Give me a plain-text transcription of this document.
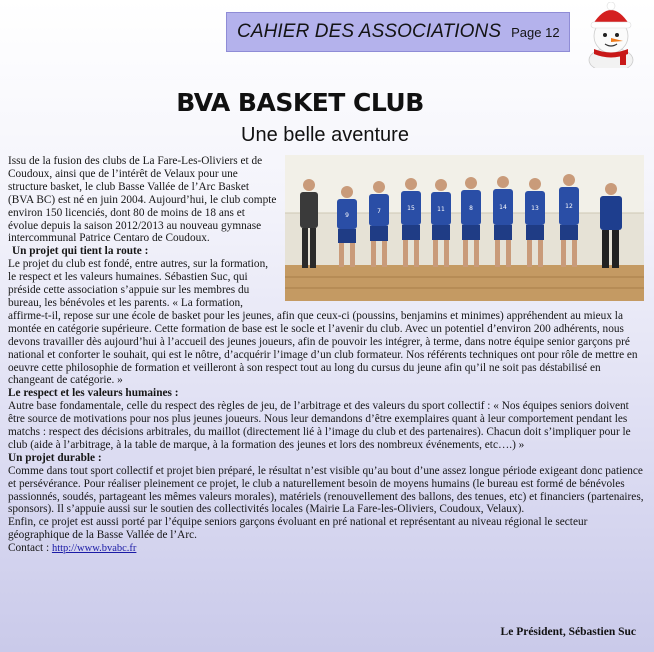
CAHIER DES ASSOCIATIONS Page 12
BVA BASKET CLUB
Une belle aventure
9
7	15	11	8	14	13	12

Issu de la fusion des clubs de La Fare-Les-Oliviers et de Coudoux, ainsi que de l’intérêt de Velaux pour une structure basket, le club Basse Vallée de l’Arc Basket (BVA BC) est né en juin 2004. Aujourd’hui, le club compte environ 150 licenciés, dont 80 de moins de 18 ans et évolue depuis la saison 2012/2013 au nouveau gymnase intercommunal Patrice Centaro de Coudoux.

Un projet qui tient la route :

Le projet du club est fondé, entre autres, sur la formation, le respect et les valeurs humaines. Sébastien Suc, qui préside cette association s’appuie sur les membres du bureau, les bénévoles et les parents. « La formation, affirme-t-il, repose sur une école de basket pour les jeunes, afin que ceux-ci (poussins, benjamins et minimes) appréhendent au mieux la montée en catégorie supérieure. Cette formation de base est le socle et l’avenir du club. Avec un potentiel d’environ 200 adhérents, nous devons travailler dès aujourd’hui à l’accueil des jeunes joueurs, afin de pouvoir les intégrer, à terme, dans notre équipe senior garçons pré national et conforter le souhait, qui est le nôtre, d’acquérir l’image d’un club formateur. Nos référents techniques ont pour rôle de mettre en oeuvre cette philosophie de formation et veilleront à son respect tout au long du cursus du jeune afin qu’il ne soit pas déstabilisé en changeant de catégorie. »

Le respect et les valeurs humaines :

Autre base fondamentale, celle du respect des règles de jeu, de l’arbitrage et des valeurs du sport collectif : « Nos équipes seniors doivent être source de motivations pour nos plus jeunes joueurs. Nous leur demandons d’être exemplaires quant à leur comportement pendant les matchs : respect des décisions arbitrales, du maillot (directement lié à l’image du club et des partenaires). Chacun doit s’impliquer pour le club (aide à l’arbitrage, à la table de marque, à la formation des jeunes et lors des nombreux événements, etc….) »

Un projet durable :

Comme dans tout sport collectif et projet bien préparé, le résultat n’est visible qu’au bout d’une assez longue période exigeant donc patience et persévérance. Pour réaliser pleinement ce projet, le club a naturellement besoin de moyens humains (le bureau est formé de bénévoles passionnés, soudés, partageant les mêmes valeurs morales), matériels (renouvellement des ballons, des tenues, etc) et financiers (partenaires, sponsors). Il s’appuie aussi sur le soutien des collectivités locales (Mairie La Fare-les-Oliviers, Coudoux, Velaux).

Enfin, ce projet est aussi porté par l’équipe seniors garçons évoluant en pré national et représentant au niveau régional le secteur géographique de la Basse Vallée de l’Arc.

Contact : http://www.bvabc.fr

Le Président, Sébastien Suc
